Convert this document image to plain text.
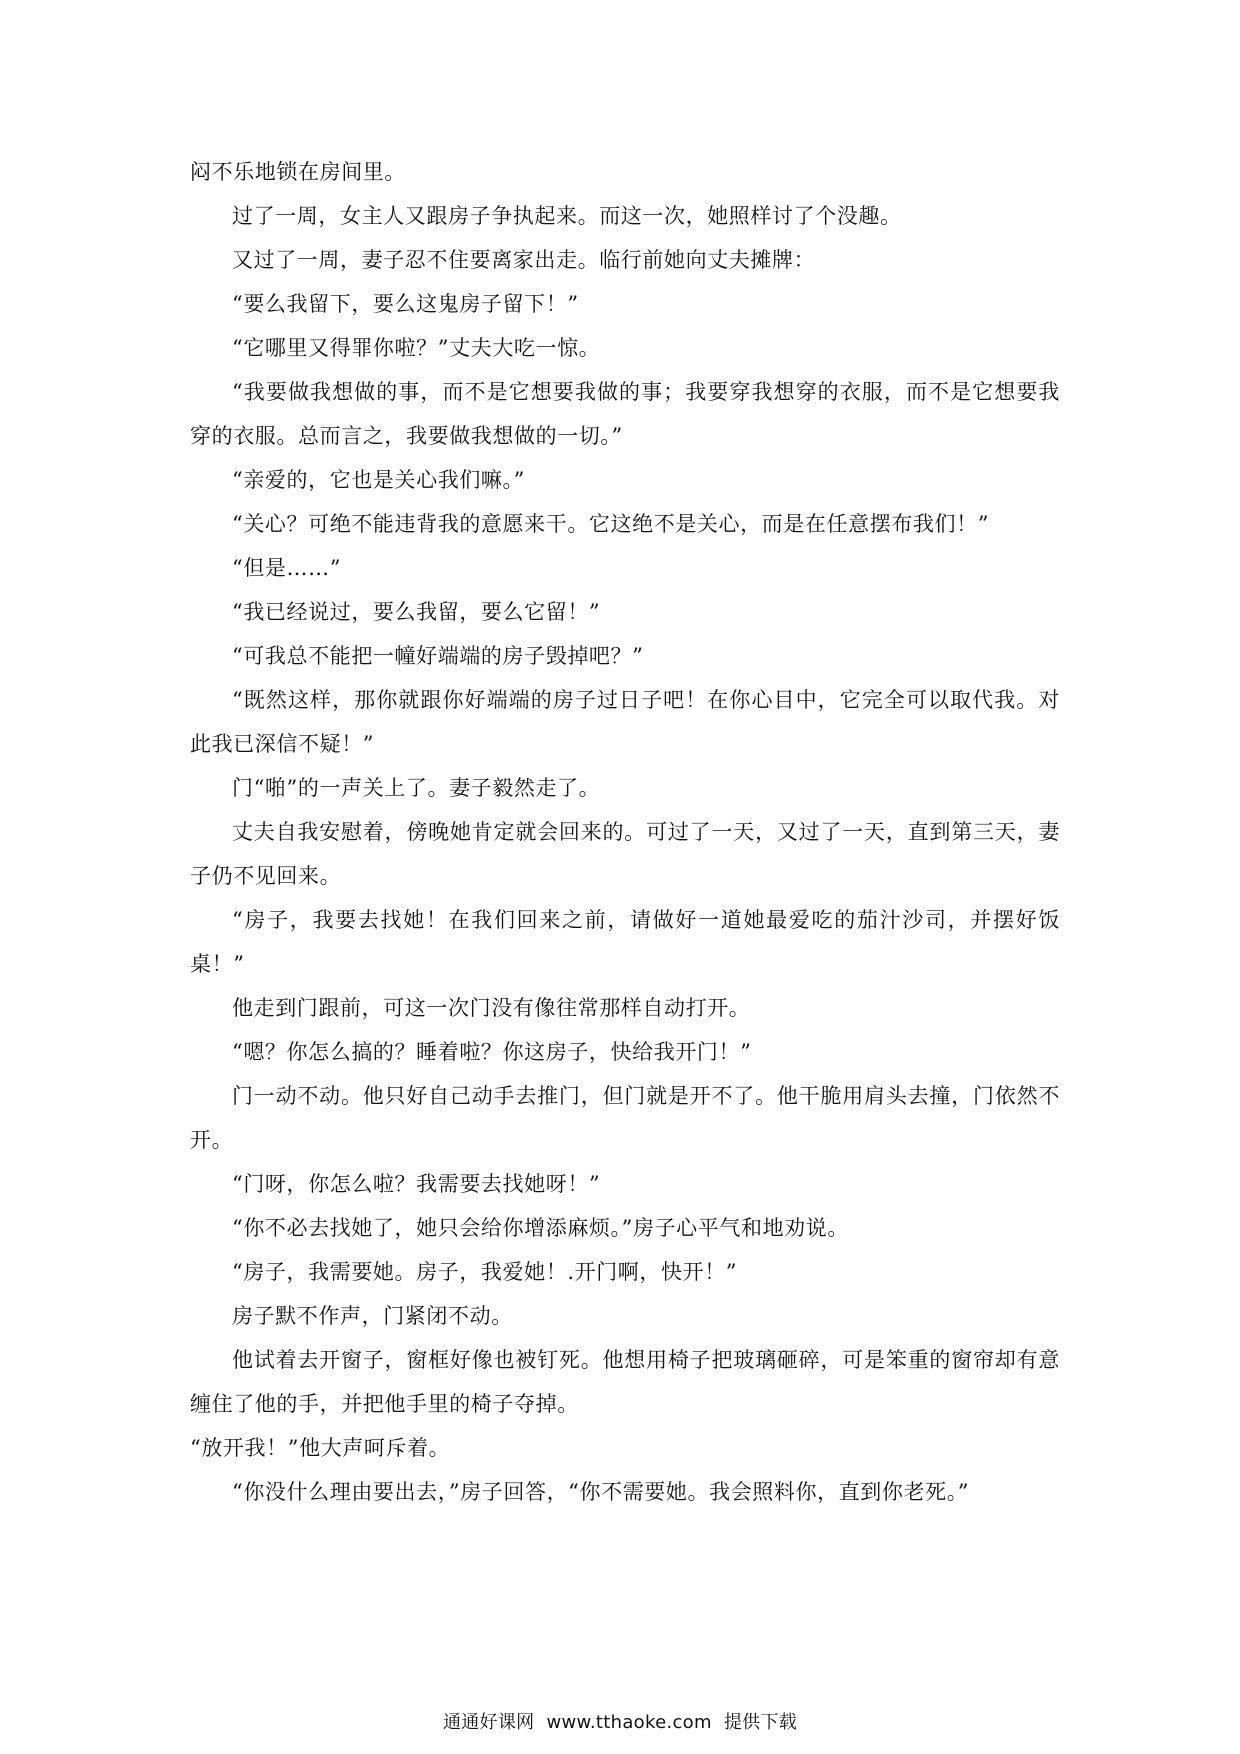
闷不乐地锁在房间里。

过了一周，女主人又跟房子争执起来。而这一次，她照样讨了个没趣。

又过了一周，妻子忍不住要离家出走。临行前她向丈夫摊牌：

“要么我留下，要么这鬼房子留下！”

“它哪里又得罪你啦？”丈夫大吃一惊。

“我要做我想做的事，而不是它想要我做的事；我要穿我想穿的衣服，而不是它想要我穿的衣服。总而言之，我要做我想做的一切。”

“亲爱的，它也是关心我们嘛。”

“关心？可绝不能违背我的意愿来干。它这绝不是关心，而是在任意摆布我们！”

“但是……”

“我已经说过，要么我留，要么它留！”

“可我总不能把一幢好端端的房子毁掉吧？”

“既然这样，那你就跟你好端端的房子过日子吧！在你心目中，它完全可以取代我。对此我已深信不疑！”

门“啪”的一声关上了。妻子毅然走了。

丈夫自我安慰着，傍晚她肯定就会回来的。可过了一天，又过了一天，直到第三天，妻子仍不见回来。

“房子，我要去找她！在我们回来之前，请做好一道她最爱吃的茄汁沙司，并摆好饭桌！”

他走到门跟前，可这一次门没有像往常那样自动打开。

“嗯？你怎么搞的？睡着啦？你这房子，快给我开门！”

门一动不动。他只好自己动手去推门，但门就是开不了。他干脆用肩头去撞，门依然不开。

“门呀，你怎么啦？我需要去找她呀！”

“你不必去找她了，她只会给你增添麻烦。”房子心平气和地劝说。

“房子，我需要她。房子，我爱她！.开门啊，快开！”

房子默不作声，门紧闭不动。

他试着去开窗子，窗框好像也被钉死。他想用椅子把玻璃砸碎，可是笨重的窗帘却有意缠住了他的手，并把他手里的椅子夺掉。

“放开我！”他大声呵斥着。

“你没什么理由要出去，”房子回答，“你不需要她。我会照料你，直到你老死。”

通通好课网 www.tthaoke.com 提供下载
